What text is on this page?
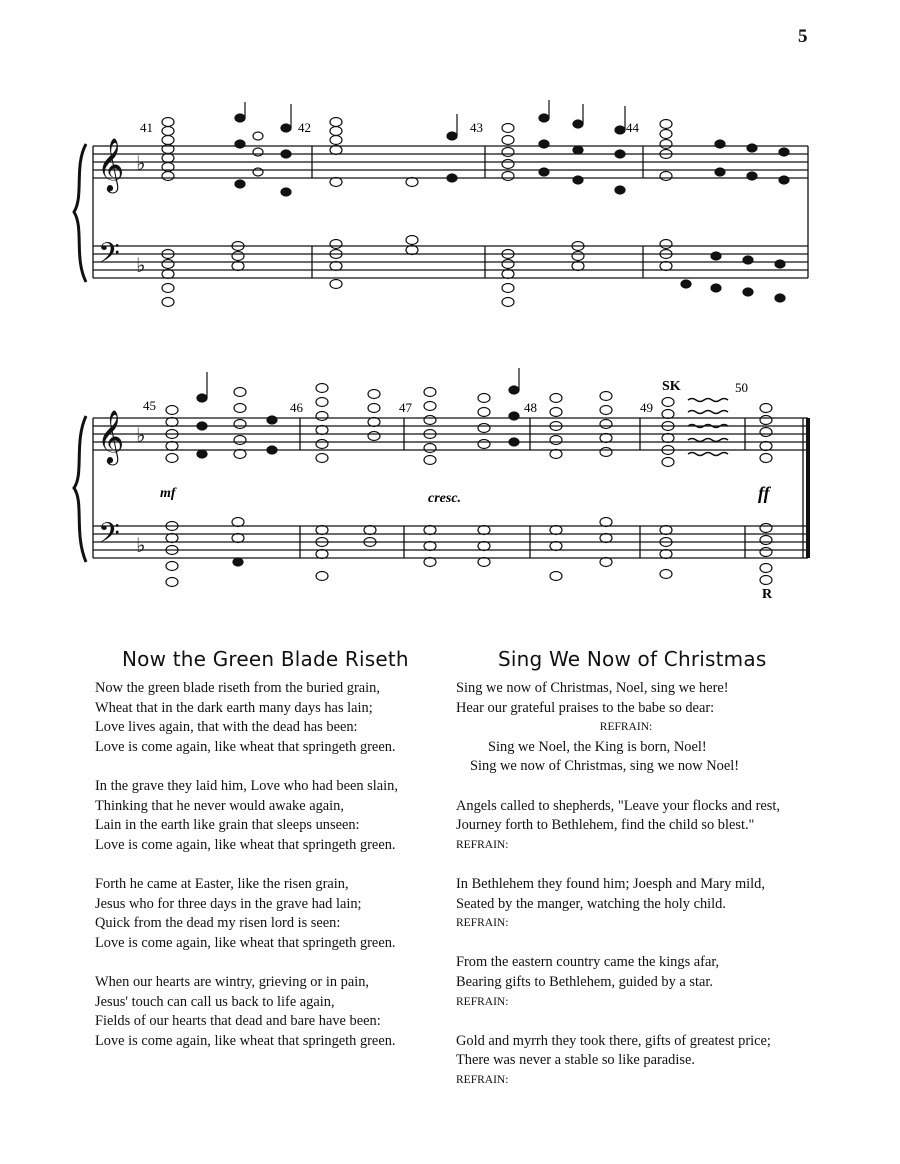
5
𝄞
𝄢
♭
♭
41	42	43	44
𝄞
𝄢
♭
♭
45	46	47	48	49
50
SK
mf	cresc.	ff
R
Now the Green Blade Riseth
Now the green blade riseth from the buried grain,
Wheat that in the dark earth many days has lain;
Love lives again, that with the dead has been:
Love is come again, like wheat that springeth green.
In the grave they laid him, Love who had been slain,
Thinking that he never would awake again,
Lain in the earth like grain that sleeps unseen:
Love is come again, like wheat that springeth green.
Forth he came at Easter, like the risen grain,
Jesus who for three days in the grave had lain;
Quick from the dead my risen lord is seen:
Love is come again, like wheat that springeth green.
When our hearts are wintry, grieving or in pain,
Jesus' touch can call us back to life again,
Fields of our hearts that dead and bare have been:
Love is come again, like wheat that springeth green.
Sing We Now of Christmas
Sing we now of Christmas, Noel, sing we here!
Hear our grateful praises to the babe so dear:
REFRAIN:
Sing we Noel, the King is born, Noel!
Sing we now of Christmas, sing we now Noel!
Angels called to shepherds, "Leave your flocks and rest,
Journey forth to Bethlehem, find the child so blest."
REFRAIN:
In Bethlehem they found him; Joesph and Mary mild,
Seated by the manger, watching the holy child.
REFRAIN:
From the eastern country came the kings afar,
Bearing gifts to Bethlehem, guided by a star.
REFRAIN:
Gold and myrrh they took there, gifts of greatest price;
There was never a stable so like paradise.
REFRAIN:
